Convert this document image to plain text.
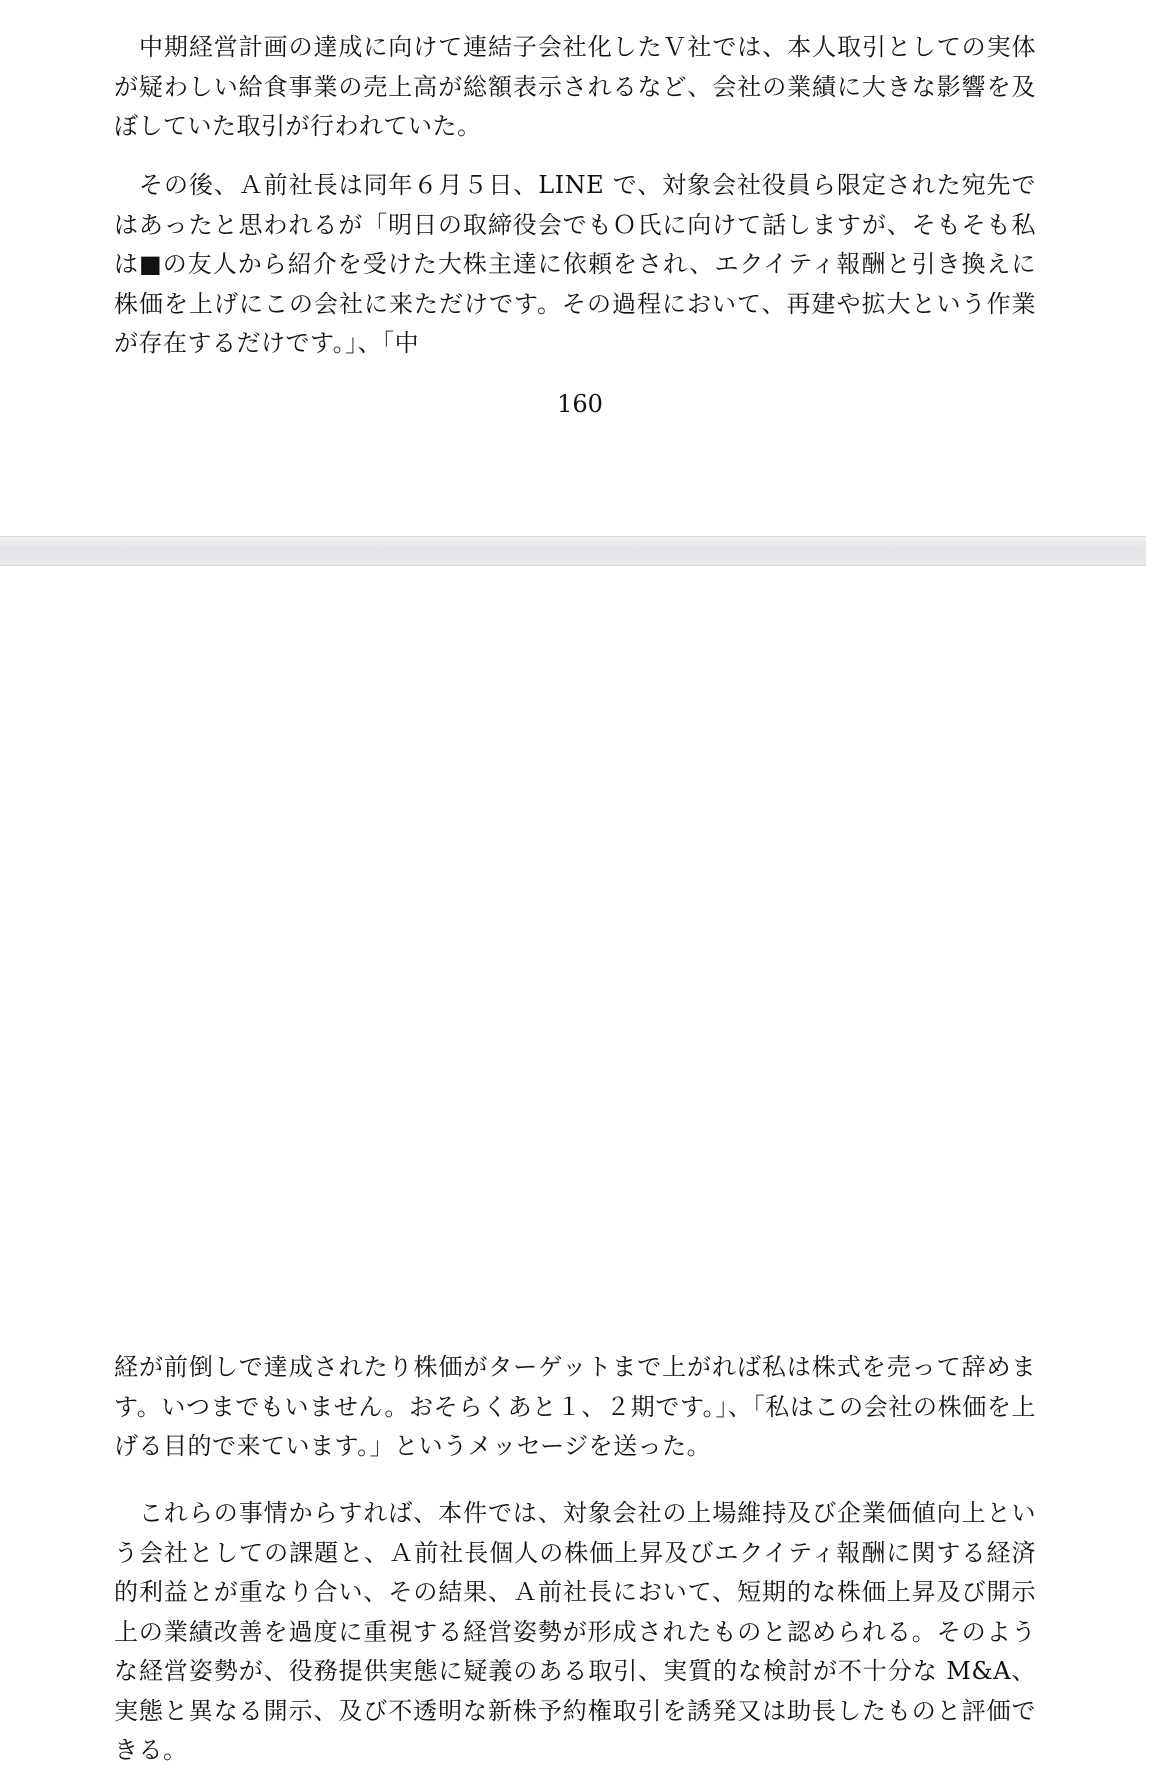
中期経営計画の達成に向けて連結子会社化したＶ社では、本人取引としての実体が疑わしい給食事業の売上高が総額表示されるなど、会社の業績に大きな影響を及ぼしていた取引が行われていた。

その後、Ａ前社長は同年６月５日、LINE で、対象会社役員ら限定された宛先ではあったと思われるが「明日の取締役会でもＯ氏に向けて話しますが、そもそも私は■の友人から紹介を受けた大株主達に依頼をされ、エクイティ報酬と引き換えに株価を上げにこの会社に来ただけです。その過程において、再建や拡大という作業が存在するだけです。」、「中

160

経が前倒しで達成されたり株価がターゲットまで上がれば私は株式を売って辞めます。いつまでもいません。おそらくあと１、２期です。」、「私はこの会社の株価を上げる目的で来ています。」というメッセージを送った。

これらの事情からすれば、本件では、対象会社の上場維持及び企業価値向上という会社としての課題と、Ａ前社長個人の株価上昇及びエクイティ報酬に関する経済的利益とが重なり合い、その結果、Ａ前社長において、短期的な株価上昇及び開示上の業績改善を過度に重視する経営姿勢が形成されたものと認められる。そのような経営姿勢が、役務提供実態に疑義のある取引、実質的な検討が不十分な M&A、実態と異なる開示、及び不透明な新株予約権取引を誘発又は助長したものと評価できる。
